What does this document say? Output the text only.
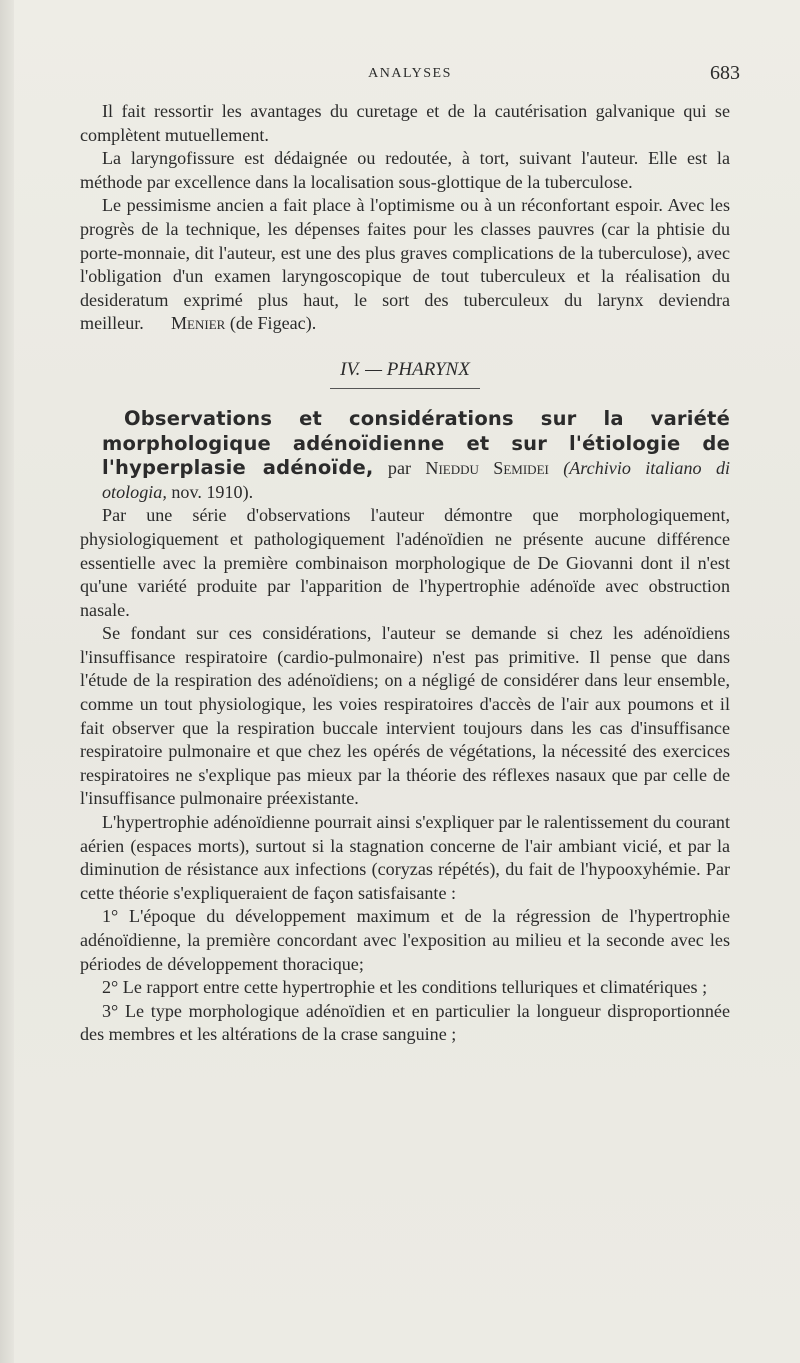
ANALYSES	683

Il fait ressortir les avantages du curetage et de la cautérisation galvanique qui se complètent mutuellement.

La laryngofissure est dédaignée ou redoutée, à tort, suivant l'auteur. Elle est la méthode par excellence dans la localisation sous-glottique de la tuberculose.

Le pessimisme ancien a fait place à l'optimisme ou à un réconfortant espoir. Avec les progrès de la technique, les dépenses faites pour les classes pauvres (car la phtisie du porte-monnaie, dit l'auteur, est une des plus graves complications de la tuberculose), avec l'obligation d'un examen laryngoscopique de tout tuberculeux et la réalisation du desideratum exprimé plus haut, le sort des tuberculeux du larynx deviendra meilleur. Menier (de Figeac).

IV. — PHARYNX

Observations et considérations sur la variété morphologique adénoïdienne et sur l'étiologie de l'hyperplasie adénoïde, par Nieddu Semidei (Archivio italiano di otologia, nov. 1910).

Par une série d'observations l'auteur démontre que morphologiquement, physiologiquement et pathologiquement l'adénoïdien ne présente aucune différence essentielle avec la première combinaison morphologique de De Giovanni dont il n'est qu'une variété produite par l'apparition de l'hypertrophie adénoïde avec obstruction nasale.

Se fondant sur ces considérations, l'auteur se demande si chez les adénoïdiens l'insuffisance respiratoire (cardio-pulmonaire) n'est pas primitive. Il pense que dans l'étude de la respiration des adénoïdiens; on a négligé de considérer dans leur ensemble, comme un tout physiologique, les voies respiratoires d'accès de l'air aux poumons et il fait observer que la respiration buccale intervient toujours dans les cas d'insuffisance respiratoire pulmonaire et que chez les opérés de végétations, la nécessité des exercices respiratoires ne s'explique pas mieux par la théorie des réflexes nasaux que par celle de l'insuffisance pulmonaire préexistante.

L'hypertrophie adénoïdienne pourrait ainsi s'expliquer par le ralentissement du courant aérien (espaces morts), surtout si la stagnation concerne de l'air ambiant vicié, et par la diminution de résistance aux infections (coryzas répétés), du fait de l'hypooxyhémie. Par cette théorie s'expliqueraient de façon satisfaisante :

1° L'époque du développement maximum et de la régression de l'hypertrophie adénoïdienne, la première concordant avec l'exposition au milieu et la seconde avec les périodes de développement thoracique;

2° Le rapport entre cette hypertrophie et les conditions telluriques et climatériques ;

3° Le type morphologique adénoïdien et en particulier la longueur disproportionnée des membres et les altérations de la crase sanguine ;
